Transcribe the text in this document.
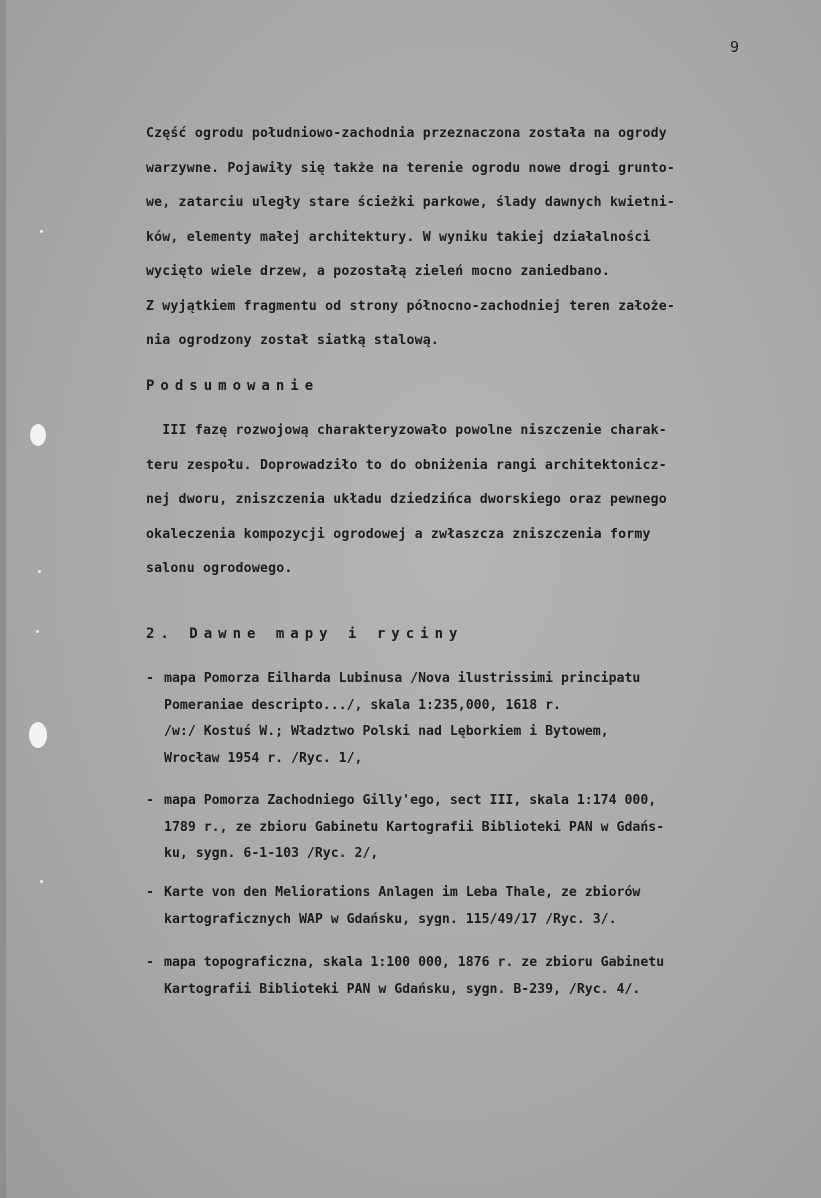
9
Część ogrodu południowo-zachodnia przeznaczona została na ogrody
warzywne. Pojawiły się także na terenie ogrodu nowe drogi grunto-
we, zatarciu uległy stare ścieżki parkowe, ślady dawnych kwietni-
ków, elementy małej architektury. W wyniku takiej działalności
wycięto wiele drzew, a pozostałą zieleń mocno zaniedbano.
Z wyjątkiem fragmentu od strony północno-zachodniej teren założe-
nia ogrodzony został siatką stalową.
Podsumowanie
III fazę rozwojową charakteryzowało powolne niszczenie charak-
teru zespołu. Doprowadziło to do obniżenia rangi architektonicz-
nej dworu, zniszczenia układu dziedzińca dworskiego oraz pewnego
okaleczenia kompozycji ogrodowej a zwłaszcza zniszczenia formy
salonu ogrodowego.
2. Dawne mapy i ryciny
- mapa Pomorza Eilharda Lubinusa /Nova ilustrissimi principatu
Pomeraniae descripto.../, skala 1:235,000, 1618 r.
/w:/ Kostuś W.; Władztwo Polski nad Lęborkiem i Bytowem,
Wrocław 1954 r. /Ryc. 1/,
- mapa Pomorza Zachodniego Gilly'ego, sect III, skala 1:174 000,
1789 r., ze zbioru Gabinetu Kartografii Biblioteki PAN w Gdańs-
ku, sygn. 6-1-103 /Ryc. 2/,
- Karte von den Meliorations Anlagen im Leba Thale, ze zbiorów
kartograficznych WAP w Gdańsku, sygn. 115/49/17 /Ryc. 3/.
- mapa topograficzna, skala 1:100 000, 1876 r. ze zbioru Gabinetu
Kartografii Biblioteki PAN w Gdańsku, sygn. B-239, /Ryc. 4/.
